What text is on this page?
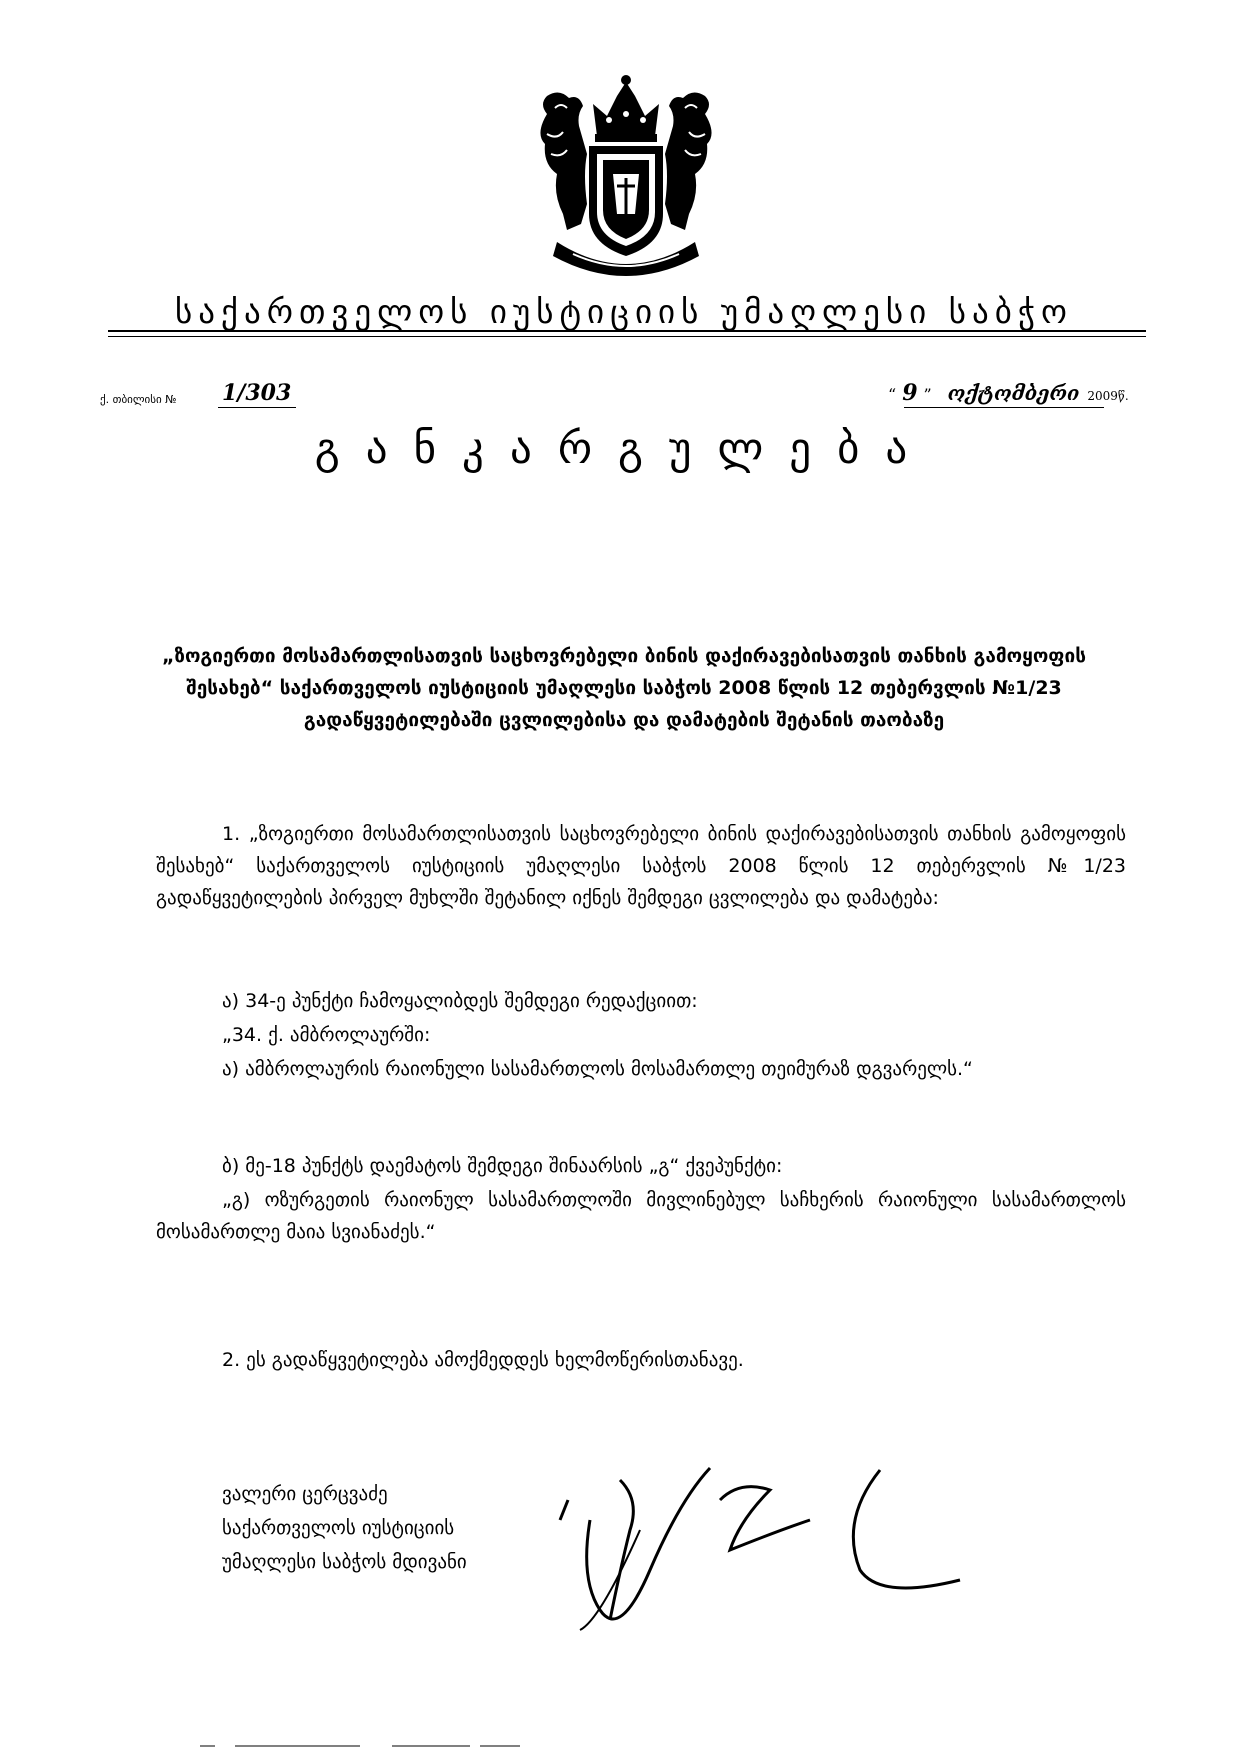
საქართველოს იუსტიციის უმაღლესი საბჭო
ქ. თბილისი № 1/303	“ 9 ” ოქტომბერი 2009წ.
განკარგულება
„ზოგიერთი მოსამართლისათვის საცხოვრებელი ბინის დაქირავებისათვის თანხის გამოყოფის შესახებ“ საქართველოს იუსტიციის უმაღლესი საბჭოს 2008 წლის 12 თებერვლის №1/23 გადაწყვეტილებაში ცვლილებისა და დამატების შეტანის თაობაზე
1. „ზოგიერთი მოსამართლისათვის საცხოვრებელი ბინის დაქირავებისათვის თანხის გამოყოფის შესახებ“ საქართველოს იუსტიციის უმაღლესი საბჭოს 2008 წლის 12 თებერვლის №1/23 გადაწყვეტილების პირველ მუხლში შეტანილ იქნეს შემდეგი ცვლილება და დამატება:
ა) 34-ე პუნქტი ჩამოყალიბდეს შემდეგი რედაქციით:
„34. ქ. ამბროლაურში:
ა) ამბროლაურის რაიონული სასამართლოს მოსამართლე თეიმურაზ დგვარელს.“
ბ) მე-18 პუნქტს დაემატოს შემდეგი შინაარსის „გ“ ქვეპუნქტი:
„გ) ოზურგეთის რაიონულ სასამართლოში მივლინებულ საჩხერის რაიონული სასამართლოს მოსამართლე მაია სვიანაძეს.“
2. ეს გადაწყვეტილება ამოქმედდეს ხელმოწერისთანავე.
ვალერი ცერცვაძე
საქართველოს იუსტიციის
უმაღლესი საბჭოს მდივანი
